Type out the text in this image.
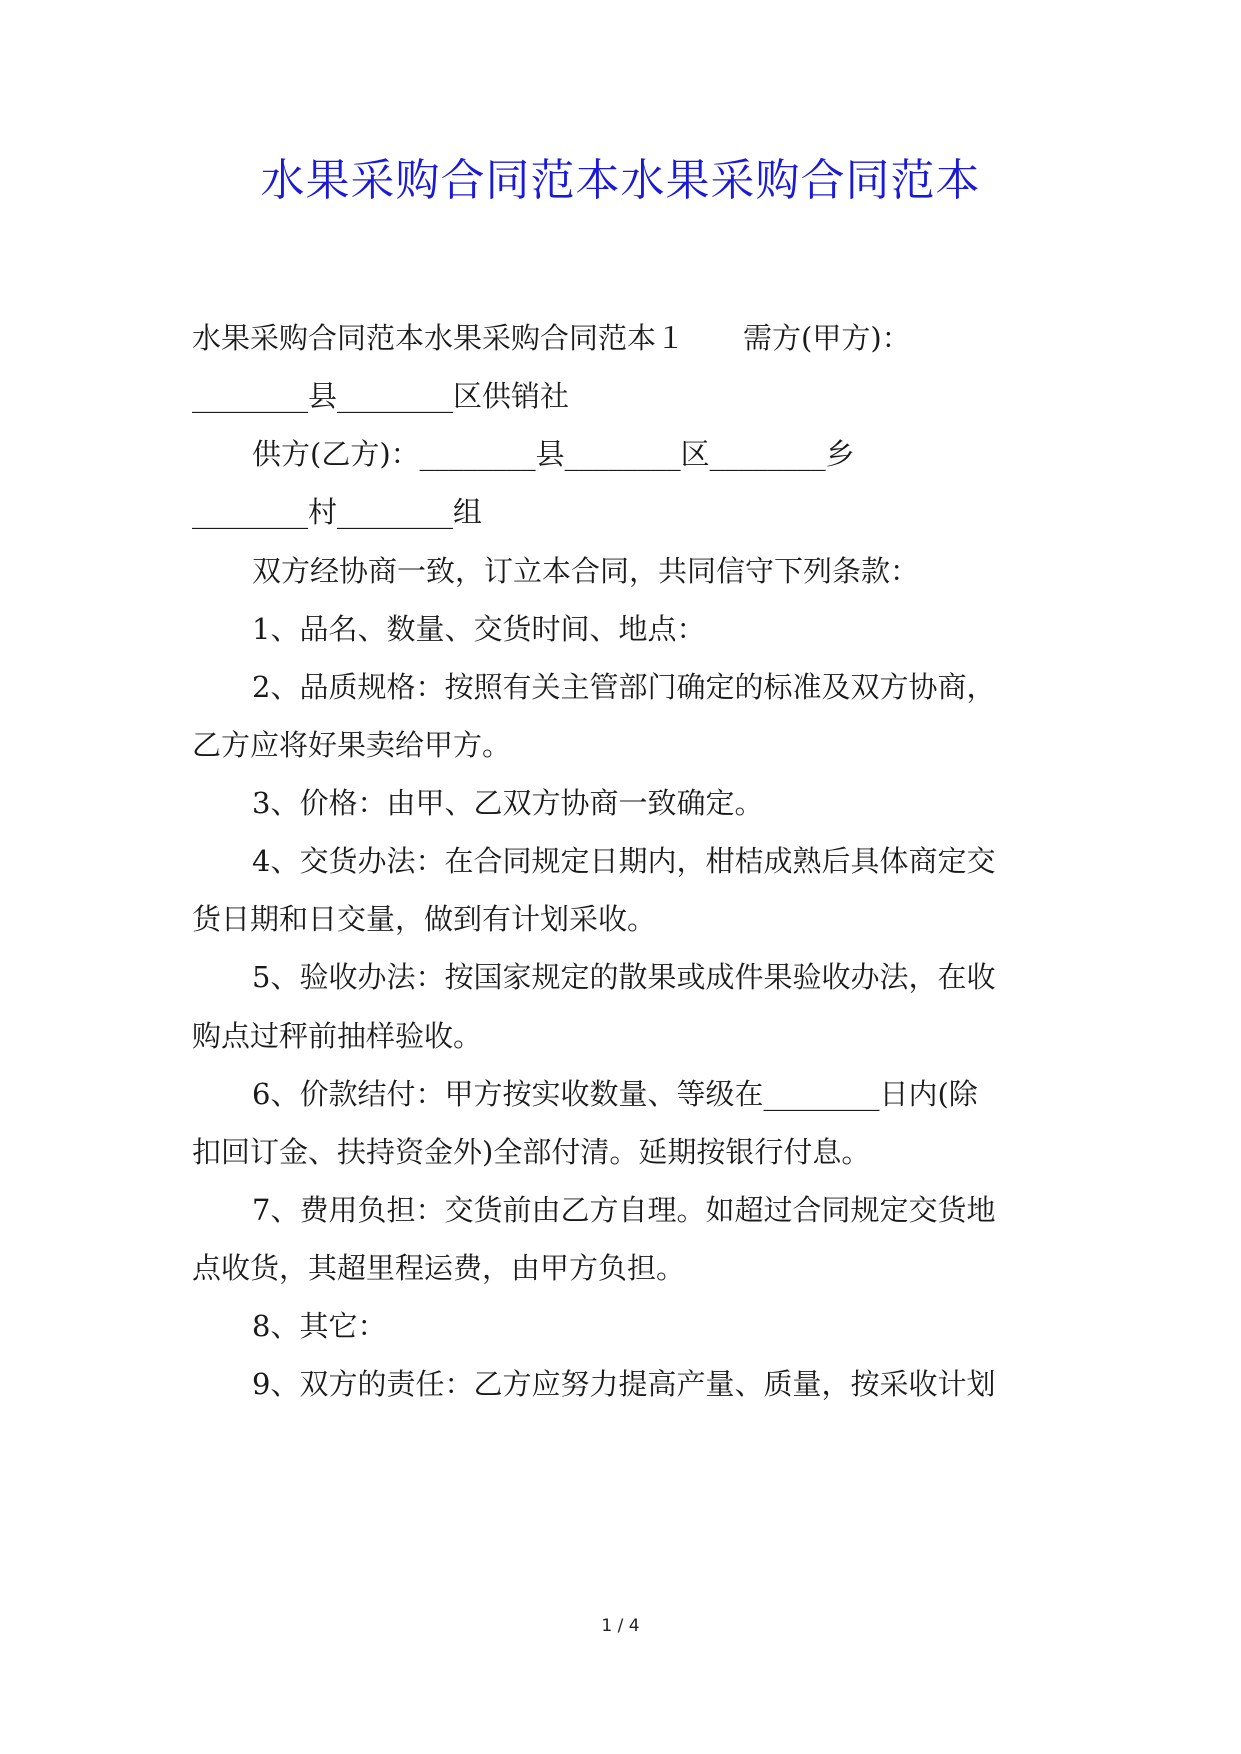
水果采购合同范本水果采购合同范本
水果采购合同范本水果采购合同范本１　　需方(甲方)：
________县________区供销社
供方(乙方)：________县________区________乡
________村________组
双方经协商一致，订立本合同，共同信守下列条款：
1、品名、数量、交货时间、地点：
2、品质规格：按照有关主管部门确定的标准及双方协商，
乙方应将好果卖给甲方。
3、价格：由甲、乙双方协商一致确定。
4、交货办法：在合同规定日期内，柑桔成熟后具体商定交
货日期和日交量，做到有计划采收。
5、验收办法：按国家规定的散果或成件果验收办法，在收
购点过秤前抽样验收。
6、价款结付：甲方按实收数量、等级在________日内(除
扣回订金、扶持资金外)全部付清。延期按银行付息。
7、费用负担：交货前由乙方自理。如超过合同规定交货地
点收货，其超里程运费，由甲方负担。
8、其它：
9、双方的责任：乙方应努力提高产量、质量，按采收计划
1 / 4
